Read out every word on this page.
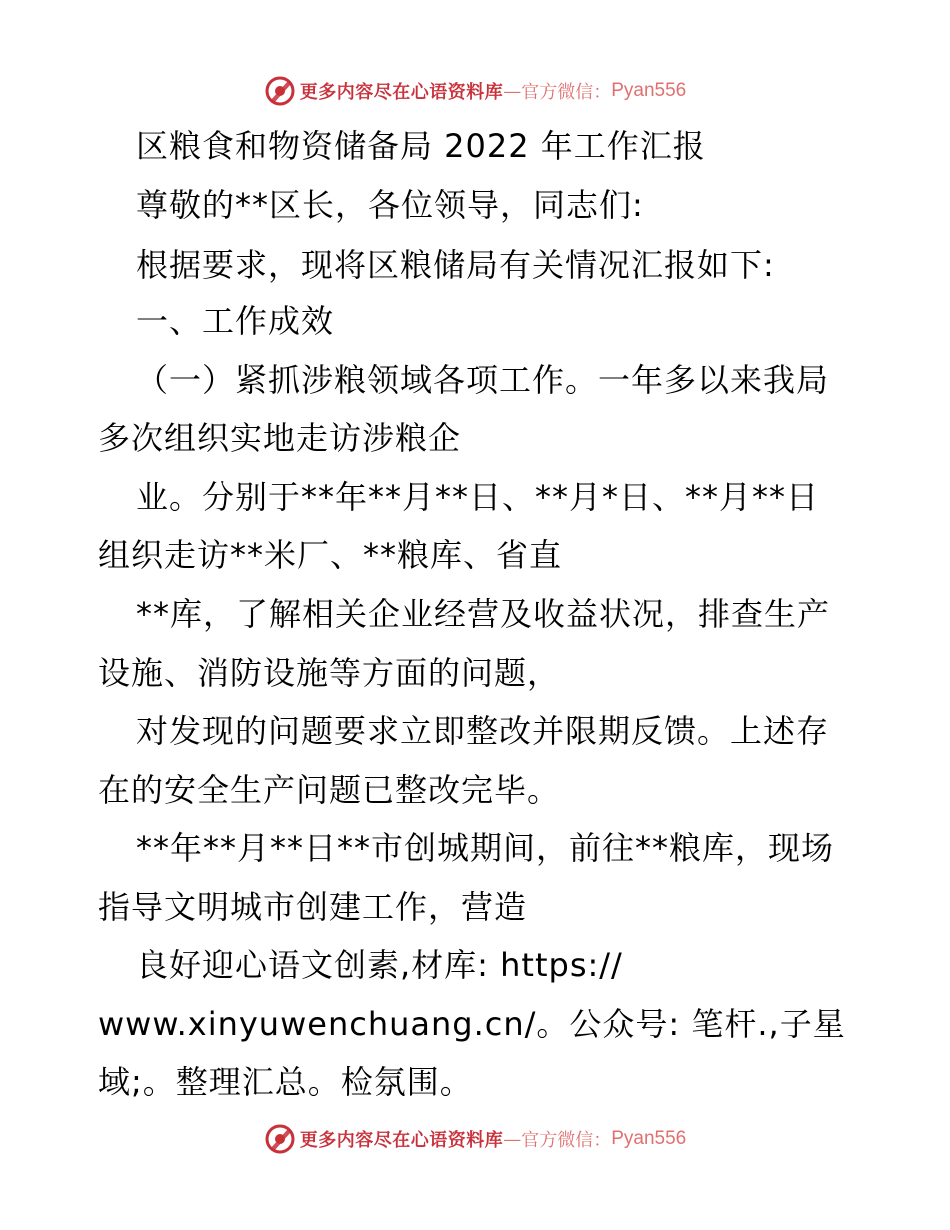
更多内容尽在心语资料库 — 官方微信： Pyan556
区粮食和物资储备局 2022 年工作汇报
尊敬的**区长，各位领导，同志们:
根据要求，现将区粮储局有关情况汇报如下:
一、工作成效
（一）紧抓涉粮领域各项工作。一年多以来我局
多次组织实地走访涉粮企
业。分别于**年**月**日、**月*日、**月**日
组织走访**米厂、**粮库、省直
**库，了解相关企业经营及收益状况，排查生产
设施、消防设施等方面的问题，
对发现的问题要求立即整改并限期反馈。上述存
在的安全生产问题已整改完毕。
**年**月**日**市创城期间，前往**粮库，现场
指导文明城市创建工作，营造
良好迎心语文创素,材库: https://
www.xinyuwenchuang.cn/。公众号: 笔杆.,子星
域;。整理汇总。检氛围。
更多内容尽在心语资料库 — 官方微信： Pyan556
